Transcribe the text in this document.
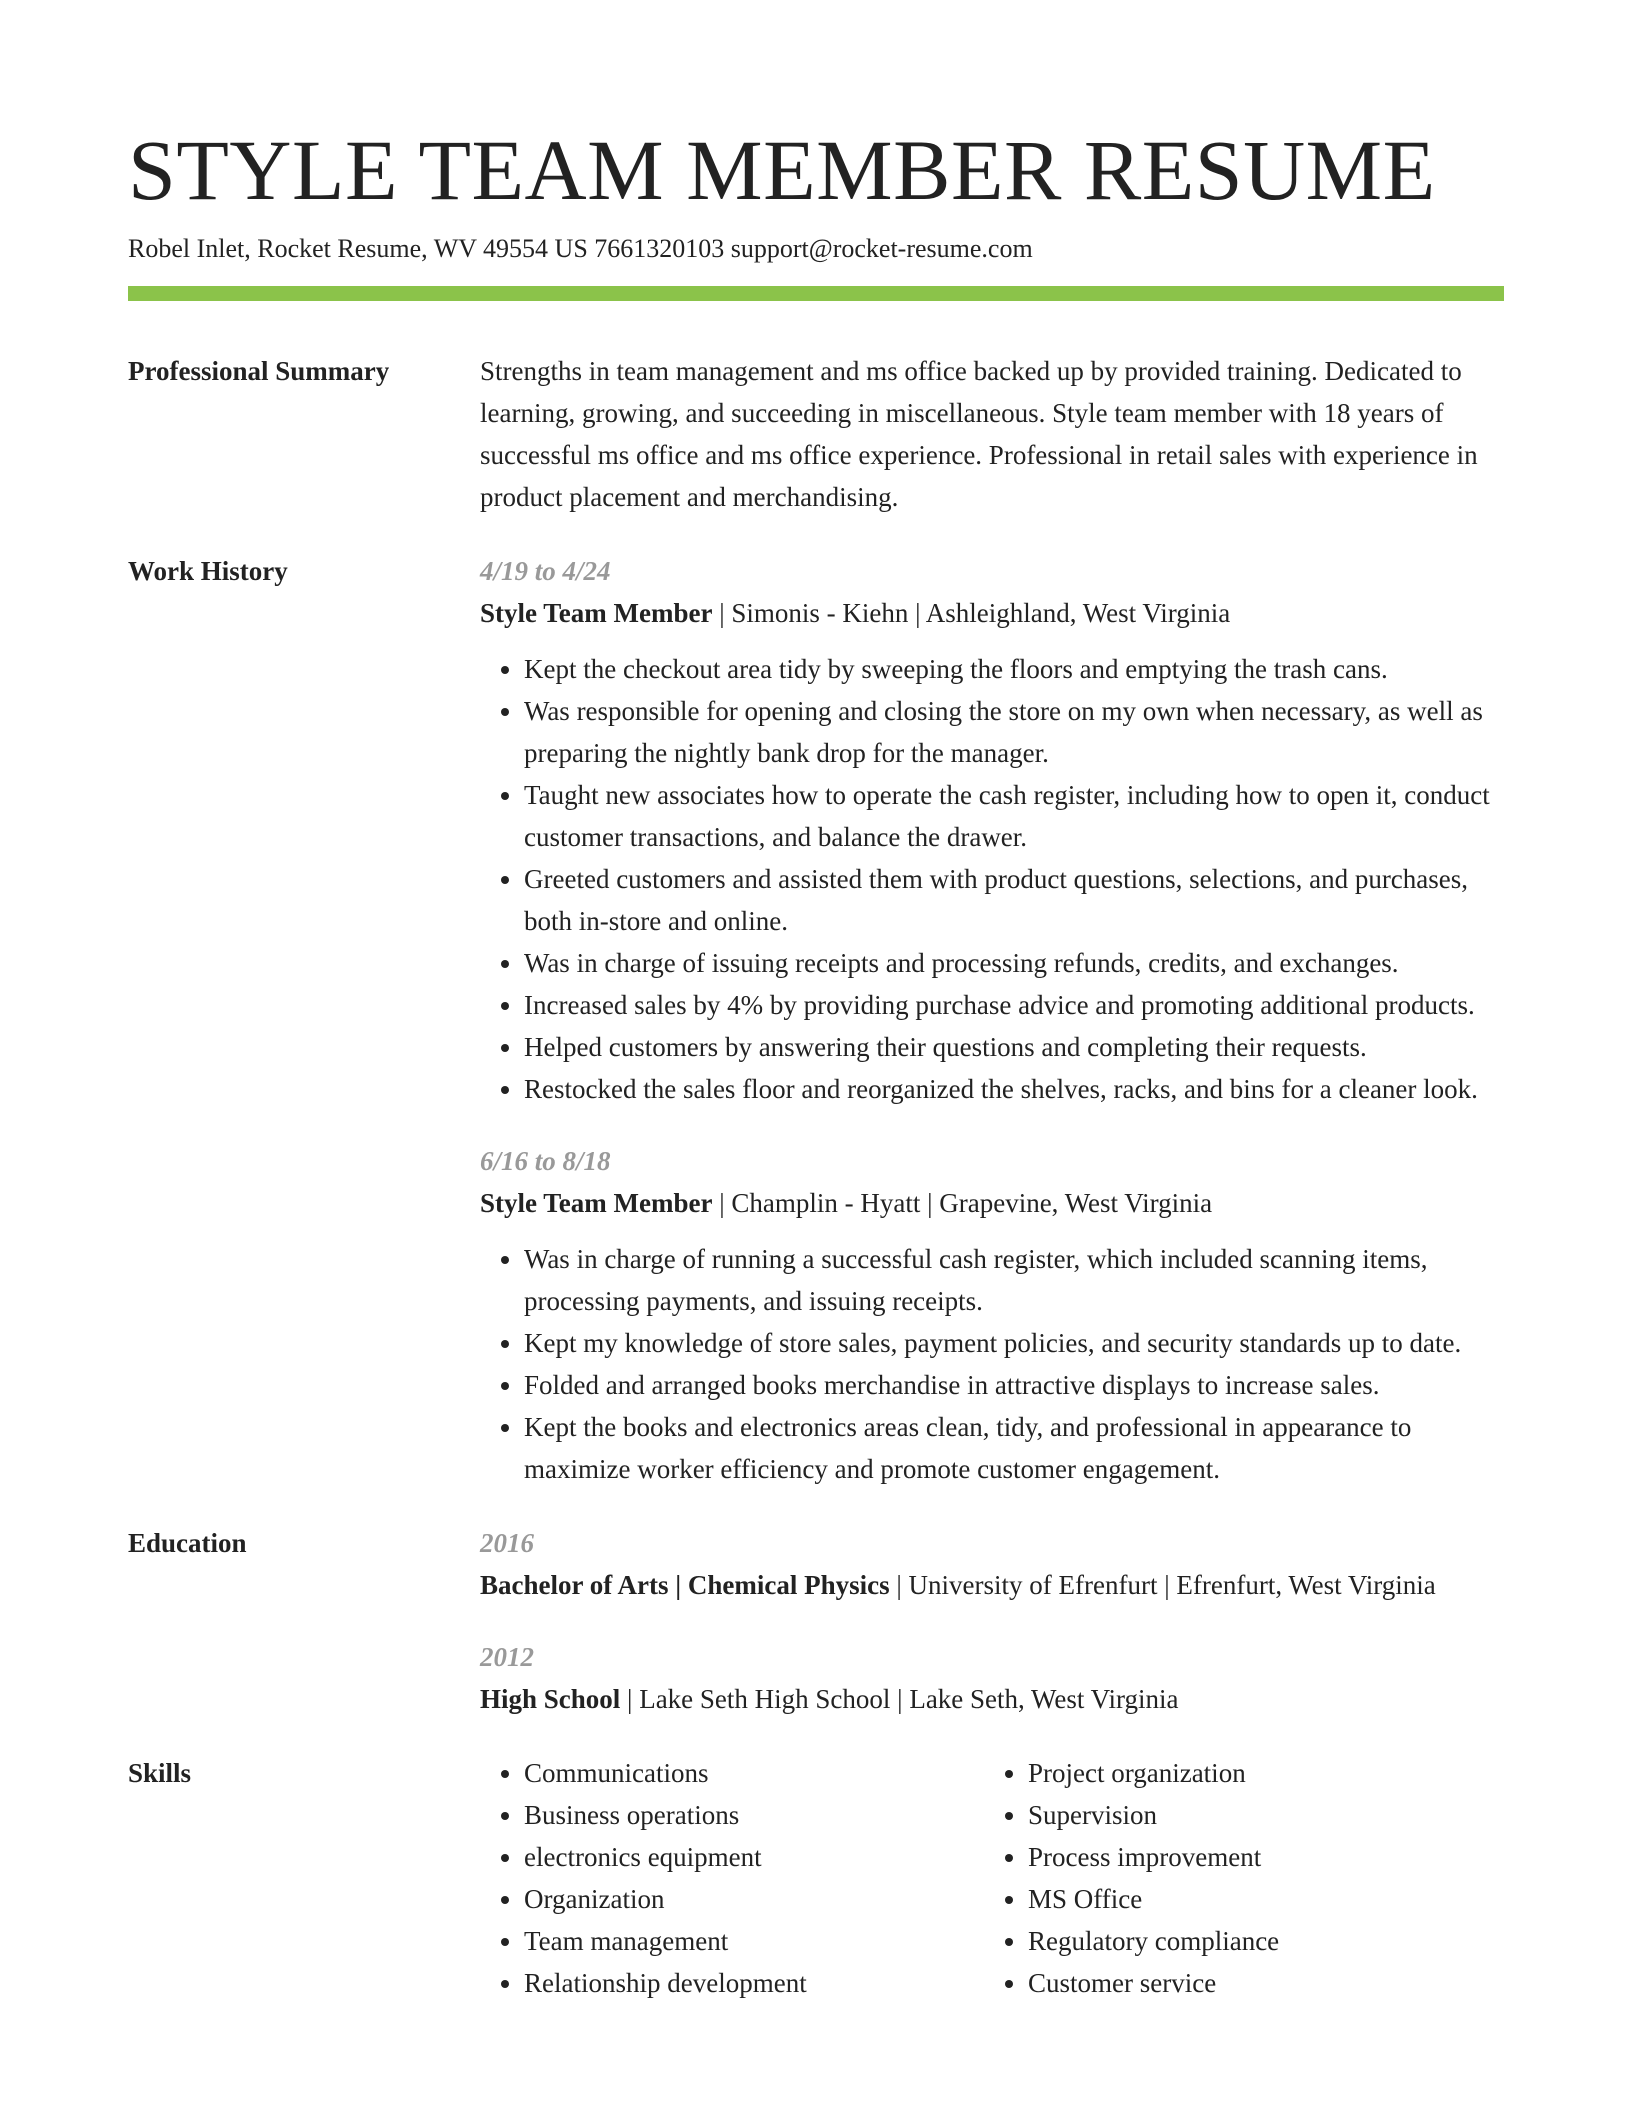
STYLE TEAM MEMBER RESUME
Robel Inlet, Rocket Resume, WV 49554 US 7661320103 support@rocket-resume.com
Professional Summary	Strengths in team management and ms office backed up by provided training. Dedicated to learning, growing, and succeeding in miscellaneous. Style team member with 18 years of successful ms office and ms office experience. Professional in retail sales with experience in product placement and merchandising.

Work History	4/19 to 4/24
Style Team Member | Simonis - Kiehn | Ashleighland, West Virginia
• Kept the checkout area tidy by sweeping the floors and emptying the trash cans.
• Was responsible for opening and closing the store on my own when necessary, as well as preparing the nightly bank drop for the manager.
• Taught new associates how to operate the cash register, including how to open it, conduct customer transactions, and balance the drawer.
• Greeted customers and assisted them with product questions, selections, and purchases, both in-store and online.
• Was in charge of issuing receipts and processing refunds, credits, and exchanges.
• Increased sales by 4% by providing purchase advice and promoting additional products.
• Helped customers by answering their questions and completing their requests.
• Restocked the sales floor and reorganized the shelves, racks, and bins for a cleaner look.
6/16 to 8/18
Style Team Member | Champlin - Hyatt | Grapevine, West Virginia
• Was in charge of running a successful cash register, which included scanning items, processing payments, and issuing receipts.
• Kept my knowledge of store sales, payment policies, and security standards up to date.
• Folded and arranged books merchandise in attractive displays to increase sales.
• Kept the books and electronics areas clean, tidy, and professional in appearance to maximize worker efficiency and promote customer engagement.
Education	2016
Bachelor of Arts | Chemical Physics | University of Efrenfurt | Efrenfurt, West Virginia
2012
High School | Lake Seth High School | Lake Seth, West Virginia
Skills
•	Communications
• Business operations
• electronics equipment
• Organization
• Team management
• Relationship development
• Project organization
• Supervision
• Process improvement
• MS Office
• Regulatory compliance
• Customer service
